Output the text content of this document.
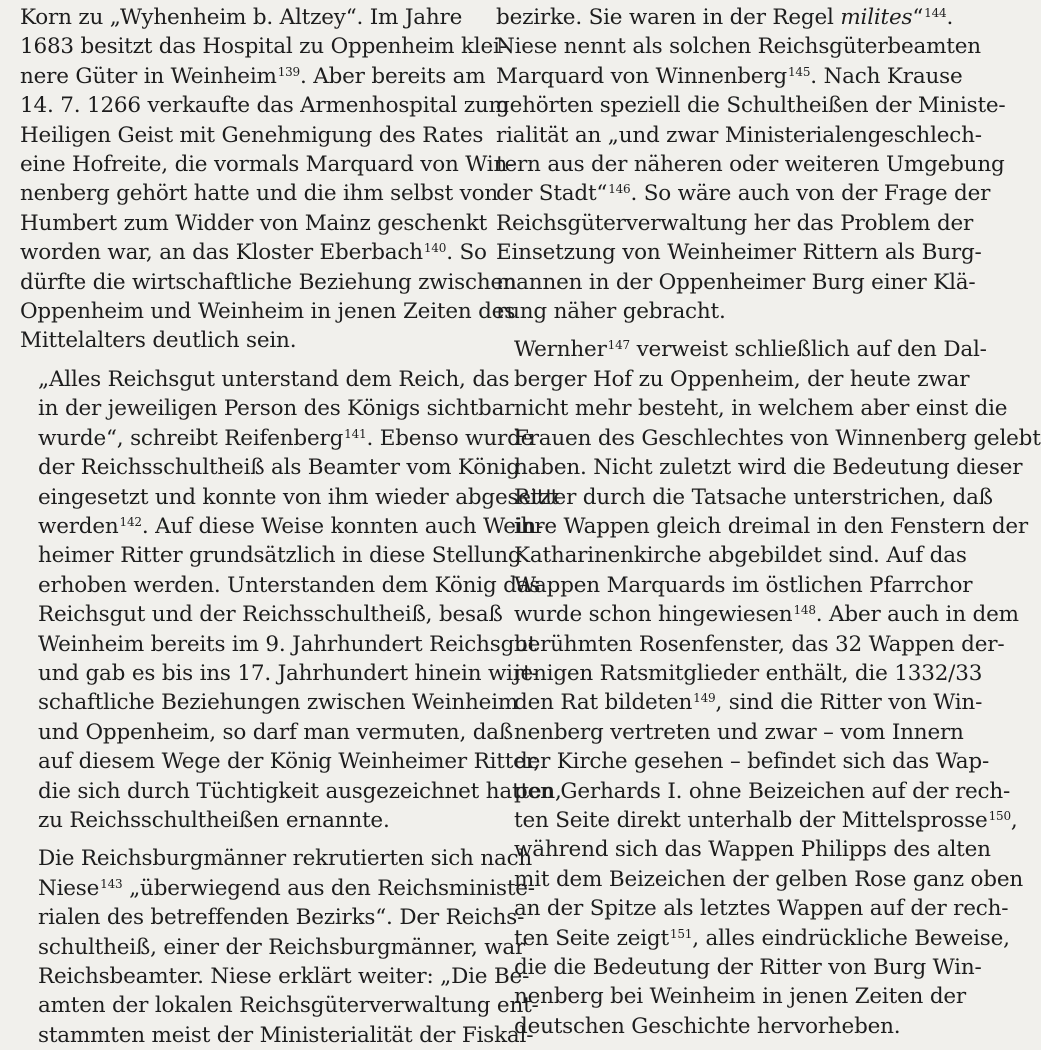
Korn zu „Wyhenheim b. Altzey“. Im Jahre
1683 besitzt das Hospital zu Oppenheim klei-
nere Güter in Weinheim$^{139}$. Aber bereits am
14. 7. 1266 verkaufte das Armenhospital zum
Heiligen Geist mit Genehmigung des Rates
eine Hofreite, die vormals Marquard von Win-
nenberg gehört hatte und die ihm selbst von
Humbert zum Widder von Mainz geschenkt
worden war, an das Kloster Eberbach$^{140}$. So
dürfte die wirtschaftliche Beziehung zwischen
Oppenheim und Weinheim in jenen Zeiten des
Mittelalters deutlich sein.

„Alles Reichsgut unterstand dem Reich, das
in der jeweiligen Person des Königs sichtbar
wurde“, schreibt Reifenberg$^{141}$. Ebenso wurde
der Reichsschultheiß als Beamter vom König
eingesetzt und konnte von ihm wieder abgesetzt
werden$^{142}$. Auf diese Weise konnten auch Wein-
heimer Ritter grundsätzlich in diese Stellung
erhoben werden. Unterstanden dem König das
Reichsgut und der Reichsschultheiß, besaß
Weinheim bereits im 9. Jahrhundert Reichsgut
und gab es bis ins 17. Jahrhundert hinein wirt-
schaftliche Beziehungen zwischen Weinheim
und Oppenheim, so darf man vermuten, daß
auf diesem Wege der König Weinheimer Ritter,
die sich durch Tüchtigkeit ausgezeichnet hatten,
zu Reichsschultheißen ernannte.

Die Reichsburgmänner rekrutierten sich nach
Niese$^{143}$ „überwiegend aus den Reichsministe-
rialen des betreffenden Bezirks“. Der Reichs-
schultheiß, einer der Reichsburgmänner, war
Reichsbeamter. Niese erklärt weiter: „Die Be-
amten der lokalen Reichsgüterverwaltung ent-
stammten meist der Ministerialität der Fiskal-

bezirke. Sie waren in der Regel milites“$^{144}$.
Niese nennt als solchen Reichsgüterbeamten
Marquard von Winnenberg$^{145}$. Nach Krause
gehörten speziell die Schultheißen der Ministe-
rialität an „und zwar Ministerialengeschlech-
tern aus der näheren oder weiteren Umgebung
der Stadt“$^{146}$. So wäre auch von der Frage der
Reichsgüterverwaltung her das Problem der
Einsetzung von Weinheimer Rittern als Burg-
mannen in der Oppenheimer Burg einer Klä-
rung näher gebracht.

Wernher$^{147}$ verweist schließlich auf den Dal-
berger Hof zu Oppenheim, der heute zwar
nicht mehr besteht, in welchem aber einst die
Frauen des Geschlechtes von Winnenberg gelebt
haben. Nicht zuletzt wird die Bedeutung dieser
Ritter durch die Tatsache unterstrichen, daß
ihre Wappen gleich dreimal in den Fenstern der
Katharinenkirche abgebildet sind. Auf das
Wappen Marquards im östlichen Pfarrchor
wurde schon hingewiesen$^{148}$. Aber auch in dem
berühmten Rosenfenster, das 32 Wappen der-
jenigen Ratsmitglieder enthält, die 1332/33
den Rat bildeten$^{149}$, sind die Ritter von Win-
nenberg vertreten und zwar – vom Innern
der Kirche gesehen – befindet sich das Wap-
pen Gerhards I. ohne Beizeichen auf der rech-
ten Seite direkt unterhalb der Mittelsprosse$^{150}$,
während sich das Wappen Philipps des alten
mit dem Beizeichen der gelben Rose ganz oben
an der Spitze als letztes Wappen auf der rech-
ten Seite zeigt$^{151}$, alles eindrückliche Beweise,
die die Bedeutung der Ritter von Burg Win-
nenberg bei Weinheim in jenen Zeiten der
deutschen Geschichte hervorheben.
